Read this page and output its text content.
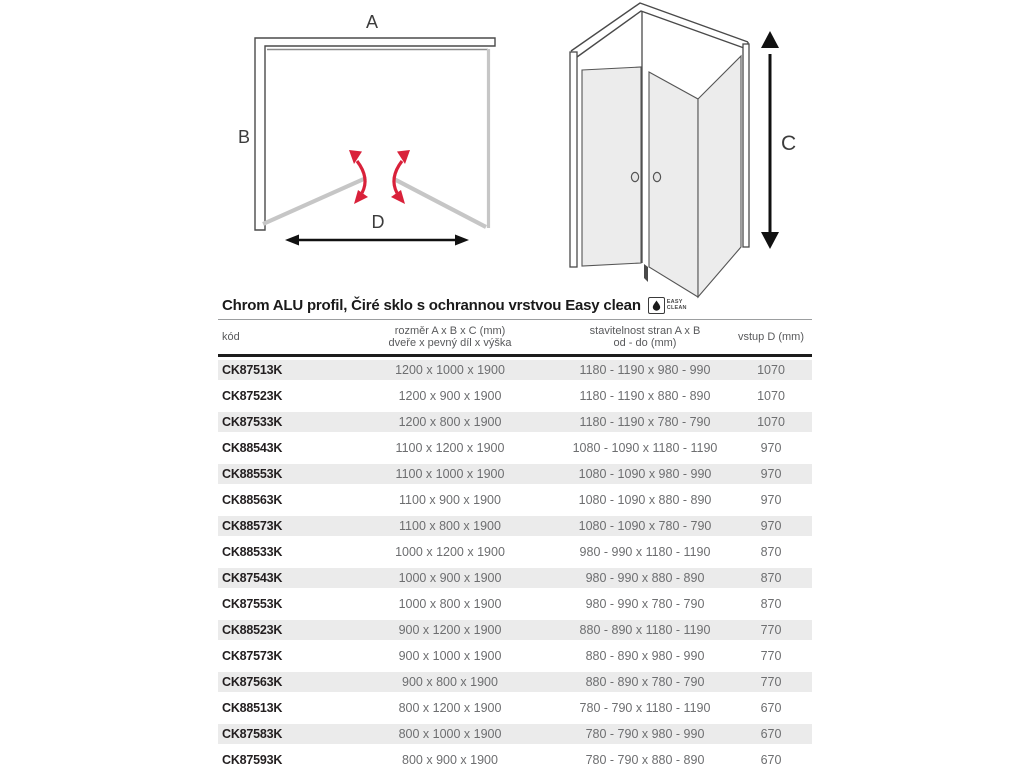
A
B
D
C
Chrom ALU profil, Čiré sklo s ochrannou vrstvou Easy clean	EASY
CLEAN
kód
rozměr A x B x C (mm)
dveře x pevný díl x výška
stavitelnost stran A x B
od - do (mm)
vstup D (mm)
CK87513K	1200 x 1000 x 1900	1180 - 1190 x 980 - 990	1070
CK87523K	1200 x 900 x 1900	1180 - 1190 x 880 - 890	1070
CK87533K	1200 x 800 x 1900	1180 - 1190 x 780 - 790	1070
CK88543K	1100 x 1200 x 1900	1080 - 1090 x 1180 - 1190	970
CK88553K	1100 x 1000 x 1900	1080 - 1090 x 980 - 990	970
CK88563K	1100 x 900 x 1900	1080 - 1090 x 880 - 890	970
CK88573K	1100 x 800 x 1900	1080 - 1090 x 780 - 790	970
CK88533K	1000 x 1200 x 1900	980 - 990 x 1180 - 1190	870
CK87543K	1000 x 900 x 1900	980 - 990 x 880 - 890	870
CK87553K	1000 x 800 x 1900	980 - 990 x 780 - 790	870
CK88523K	900 x 1200 x 1900	880 - 890 x 1180 - 1190	770
CK87573K	900 x 1000 x 1900	880 - 890 x 980 - 990	770
CK87563K	900 x 800 x 1900	880 - 890 x 780 - 790	770
CK88513K	800 x 1200 x 1900	780 - 790 x 1180 - 1190	670
CK87583K	800 x 1000 x 1900	780 - 790 x 980 - 990	670
CK87593K	800 x 900 x 1900	780 - 790 x 880 - 890	670
